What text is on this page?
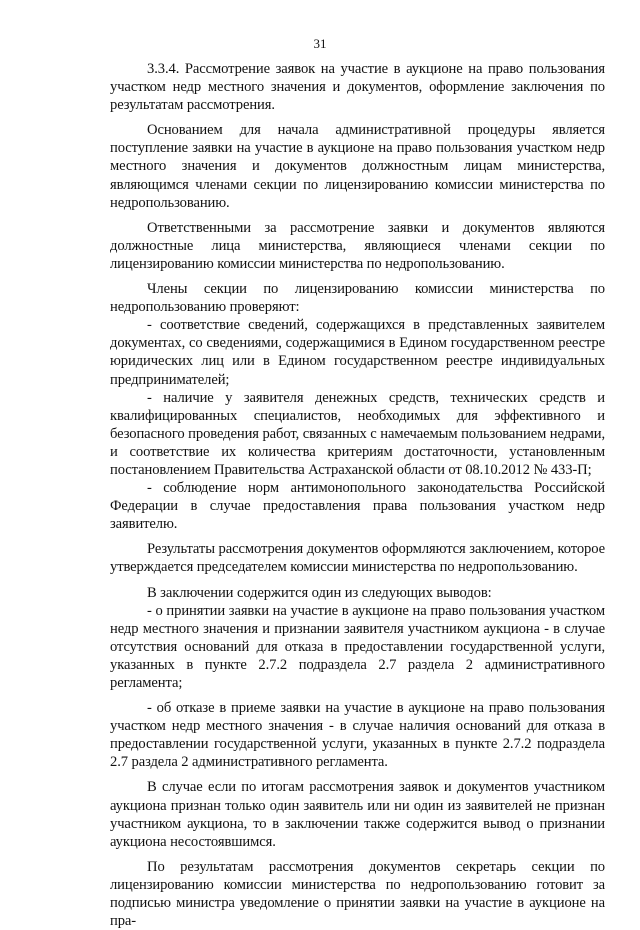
31

3.3.4. Рассмотрение заявок на участие в аукционе на право пользования участком недр местного значения и документов, оформление заключения по результатам рассмотрения.

Основанием для начала административной процедуры является поступление заявки на участие в аукционе на право пользования участком недр местного значения и документов должностным лицам министерства, являющимся членами секции по лицензированию комиссии министерства по недропользованию.

Ответственными за рассмотрение заявки и документов являются должностные лица министерства, являющиеся членами секции по лицензированию комиссии министерства по недропользованию.

Члены секции по лицензированию комиссии министерства по недропользованию проверяют:

- соответствие сведений, содержащихся в представленных заявителем документах, со сведениями, содержащимися в Едином государственном реестре юридических лиц или в Едином государственном реестре индивидуальных предпринимателей;

- наличие у заявителя денежных средств, технических средств и квалифицированных специалистов, необходимых для эффективного и безопасного проведения работ, связанных с намечаемым пользованием недрами, и соответствие их количества критериям достаточности, установленным постановлением Правительства Астраханской области от 08.10.2012 № 433-П;

- соблюдение норм антимонопольного законодательства Российской Федерации в случае предоставления права пользования участком недр заявителю.

Результаты рассмотрения документов оформляются заключением, которое утверждается председателем комиссии министерства по недропользованию.

В заключении содержится один из следующих выводов:

- о принятии заявки на участие в аукционе на право пользования участком недр местного значения и признании заявителя участником аукциона - в случае отсутствия оснований для отказа в предоставлении государственной услуги, указанных в пункте 2.7.2 подраздела 2.7 раздела 2 административного регламента;

- об отказе в приеме заявки на участие в аукционе на право пользования участком недр местного значения - в случае наличия оснований для отказа в предоставлении государственной услуги, указанных в пункте 2.7.2 подраздела 2.7 раздела 2 административного регламента.

В случае если по итогам рассмотрения заявок и документов участником аукциона признан только один заявитель или ни один из заявителей не признан участником аукциона, то в заключении также содержится вывод о признании аукциона несостоявшимся.

По результатам рассмотрения документов секретарь секции по лицензированию комиссии министерства по недропользованию готовит за подписью министра уведомление о принятии заявки на участие в аукционе на пра-
